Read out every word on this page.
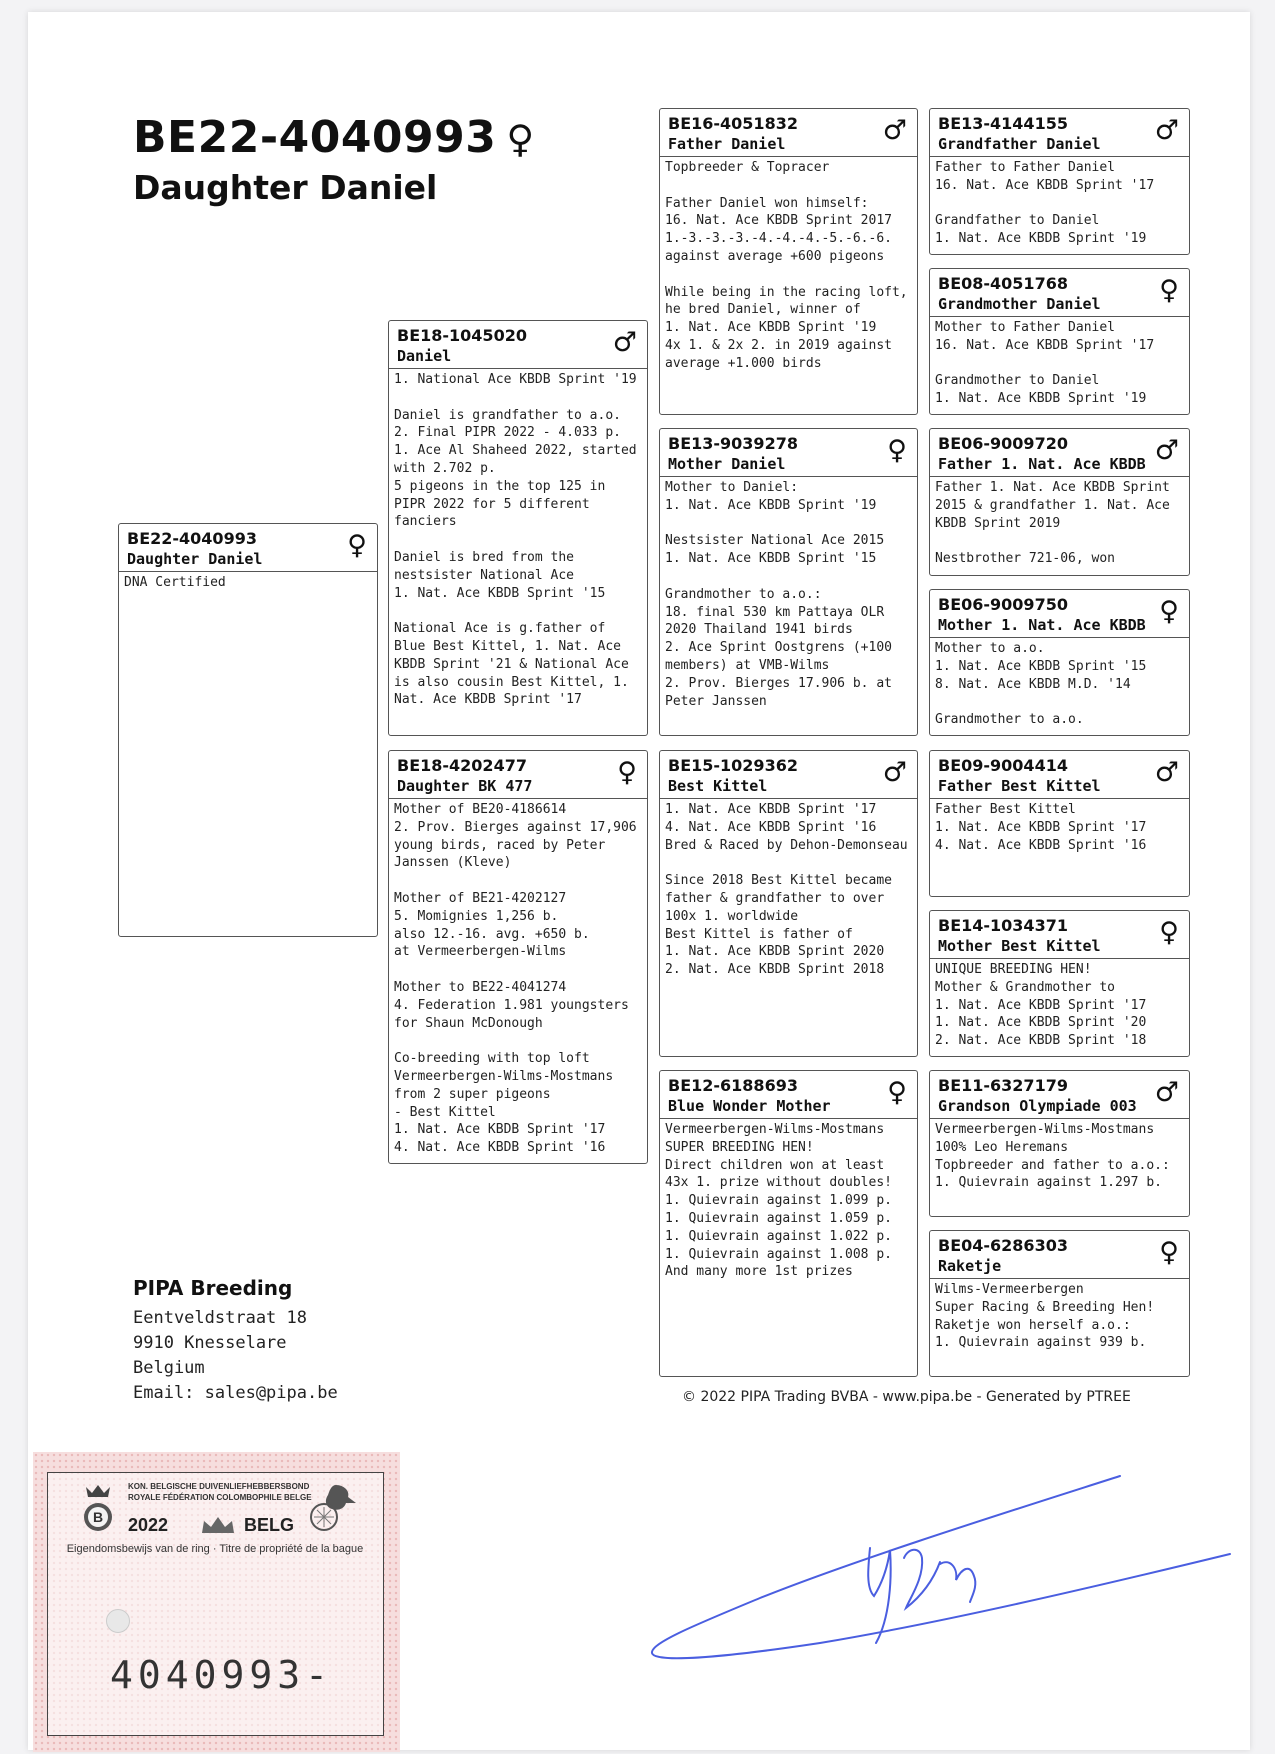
BE22-4040993 ♀
Daughter Daniel
BE22-4040993
Daughter Daniel	♀
DNA Certified
BE18-1045020
Daniel	♂
1. National Ace KBDB Sprint '19

Daniel is grandfather to a.o.
2. Final PIPR 2022 - 4.033 p.
1. Ace Al Shaheed 2022, started
with 2.702 p.
5 pigeons in the top 125 in
PIPR 2022 for 5 different
fanciers

Daniel is bred from the
nestsister National Ace
1. Nat. Ace KBDB Sprint '15

National Ace is g.father of
Blue Best Kittel, 1. Nat. Ace
KBDB Sprint '21 & National Ace
is also cousin Best Kittel, 1.
Nat. Ace KBDB Sprint '17
BE18-4202477
Daughter BK 477	♀
Mother of BE20-4186614
2. Prov. Bierges against 17,906
young birds, raced by Peter
Janssen (Kleve)

Mother of BE21-4202127
5. Momignies 1,256 b.
also 12.-16. avg. +650 b.
at Vermeerbergen-Wilms

Mother to BE22-4041274
4. Federation 1.981 youngsters
for Shaun McDonough

Co-breeding with top loft
Vermeerbergen-Wilms-Mostmans
from 2 super pigeons
- Best Kittel
1. Nat. Ace KBDB Sprint '17
4. Nat. Ace KBDB Sprint '16
BE16-4051832
Father Daniel	♂
Topbreeder & Topracer

Father Daniel won himself:
16. Nat. Ace KBDB Sprint 2017
1.-3.-3.-3.-4.-4.-4.-5.-6.-6.
against average +600 pigeons

While being in the racing loft,
he bred Daniel, winner of
1. Nat. Ace KBDB Sprint '19
4x 1. & 2x 2. in 2019 against
average +1.000 birds
BE13-9039278
Mother Daniel	♀
Mother to Daniel:
1. Nat. Ace KBDB Sprint '19

Nestsister National Ace 2015
1. Nat. Ace KBDB Sprint '15

Grandmother to a.o.:
18. final 530 km Pattaya OLR
2020 Thailand 1941 birds
2. Ace Sprint Oostgrens (+100
members) at VMB-Wilms
2. Prov. Bierges 17.906 b. at
Peter Janssen
BE15-1029362
Best Kittel	♂
1. Nat. Ace KBDB Sprint '17
4. Nat. Ace KBDB Sprint '16
Bred & Raced by Dehon-Demonseau

Since 2018 Best Kittel became
father & grandfather to over
100x 1. worldwide
Best Kittel is father of
1. Nat. Ace KBDB Sprint 2020
2. Nat. Ace KBDB Sprint 2018
BE12-6188693
Blue Wonder Mother	♀
Vermeerbergen-Wilms-Mostmans
SUPER BREEDING HEN!
Direct children won at least
43x 1. prize without doubles!
1. Quievrain against 1.099 p.
1. Quievrain against 1.059 p.
1. Quievrain against 1.022 p.
1. Quievrain against 1.008 p.
And many more 1st prizes
BE13-4144155
Grandfather Daniel	♂
Father to Father Daniel
16. Nat. Ace KBDB Sprint '17

Grandfather to Daniel
1. Nat. Ace KBDB Sprint '19
BE08-4051768
Grandmother Daniel	♀
Mother to Father Daniel
16. Nat. Ace KBDB Sprint '17

Grandmother to Daniel
1. Nat. Ace KBDB Sprint '19
BE06-9009720
Father 1. Nat. Ace KBDB ♂
Father 1. Nat. Ace KBDB Sprint
2015 & grandfather 1. Nat. Ace
KBDB Sprint 2019

Nestbrother 721-06, won
BE06-9009750
Mother 1. Nat. Ace KBDB ♀
Mother to a.o.
1. Nat. Ace KBDB Sprint '15
8. Nat. Ace KBDB M.D. '14

Grandmother to a.o.
BE09-9004414
Father Best Kittel	♂
Father Best Kittel
1. Nat. Ace KBDB Sprint '17
4. Nat. Ace KBDB Sprint '16
BE14-1034371
Mother Best Kittel	♀
UNIQUE BREEDING HEN!
Mother & Grandmother to
1. Nat. Ace KBDB Sprint '17
1. Nat. Ace KBDB Sprint '20
2. Nat. Ace KBDB Sprint '18
BE11-6327179
Grandson Olympiade 003 ♂
Vermeerbergen-Wilms-Mostmans
100% Leo Heremans
Topbreeder and father to a.o.:
1. Quievrain against 1.297 b.
BE04-6286303
Raketje	♀
Wilms-Vermeerbergen
Super Racing & Breeding Hen!
Raketje won herself a.o.:
1. Quievrain against 939 b.
PIPA Breeding
Eentveldstraat 18
9910 Knesselare
Belgium
Email: sales@pipa.be	© 2022 PIPA Trading BVBA - www.pipa.be - Generated by PTREE
B

KON. BELGISCHE DUIVENLIEFHEBBERSBOND
ROYALE FÉDÉRATION COLOMBOPHILE BELGE

2022	BELG
Eigendomsbewijs van de ring · Titre de propriété de la bague
4040993-
